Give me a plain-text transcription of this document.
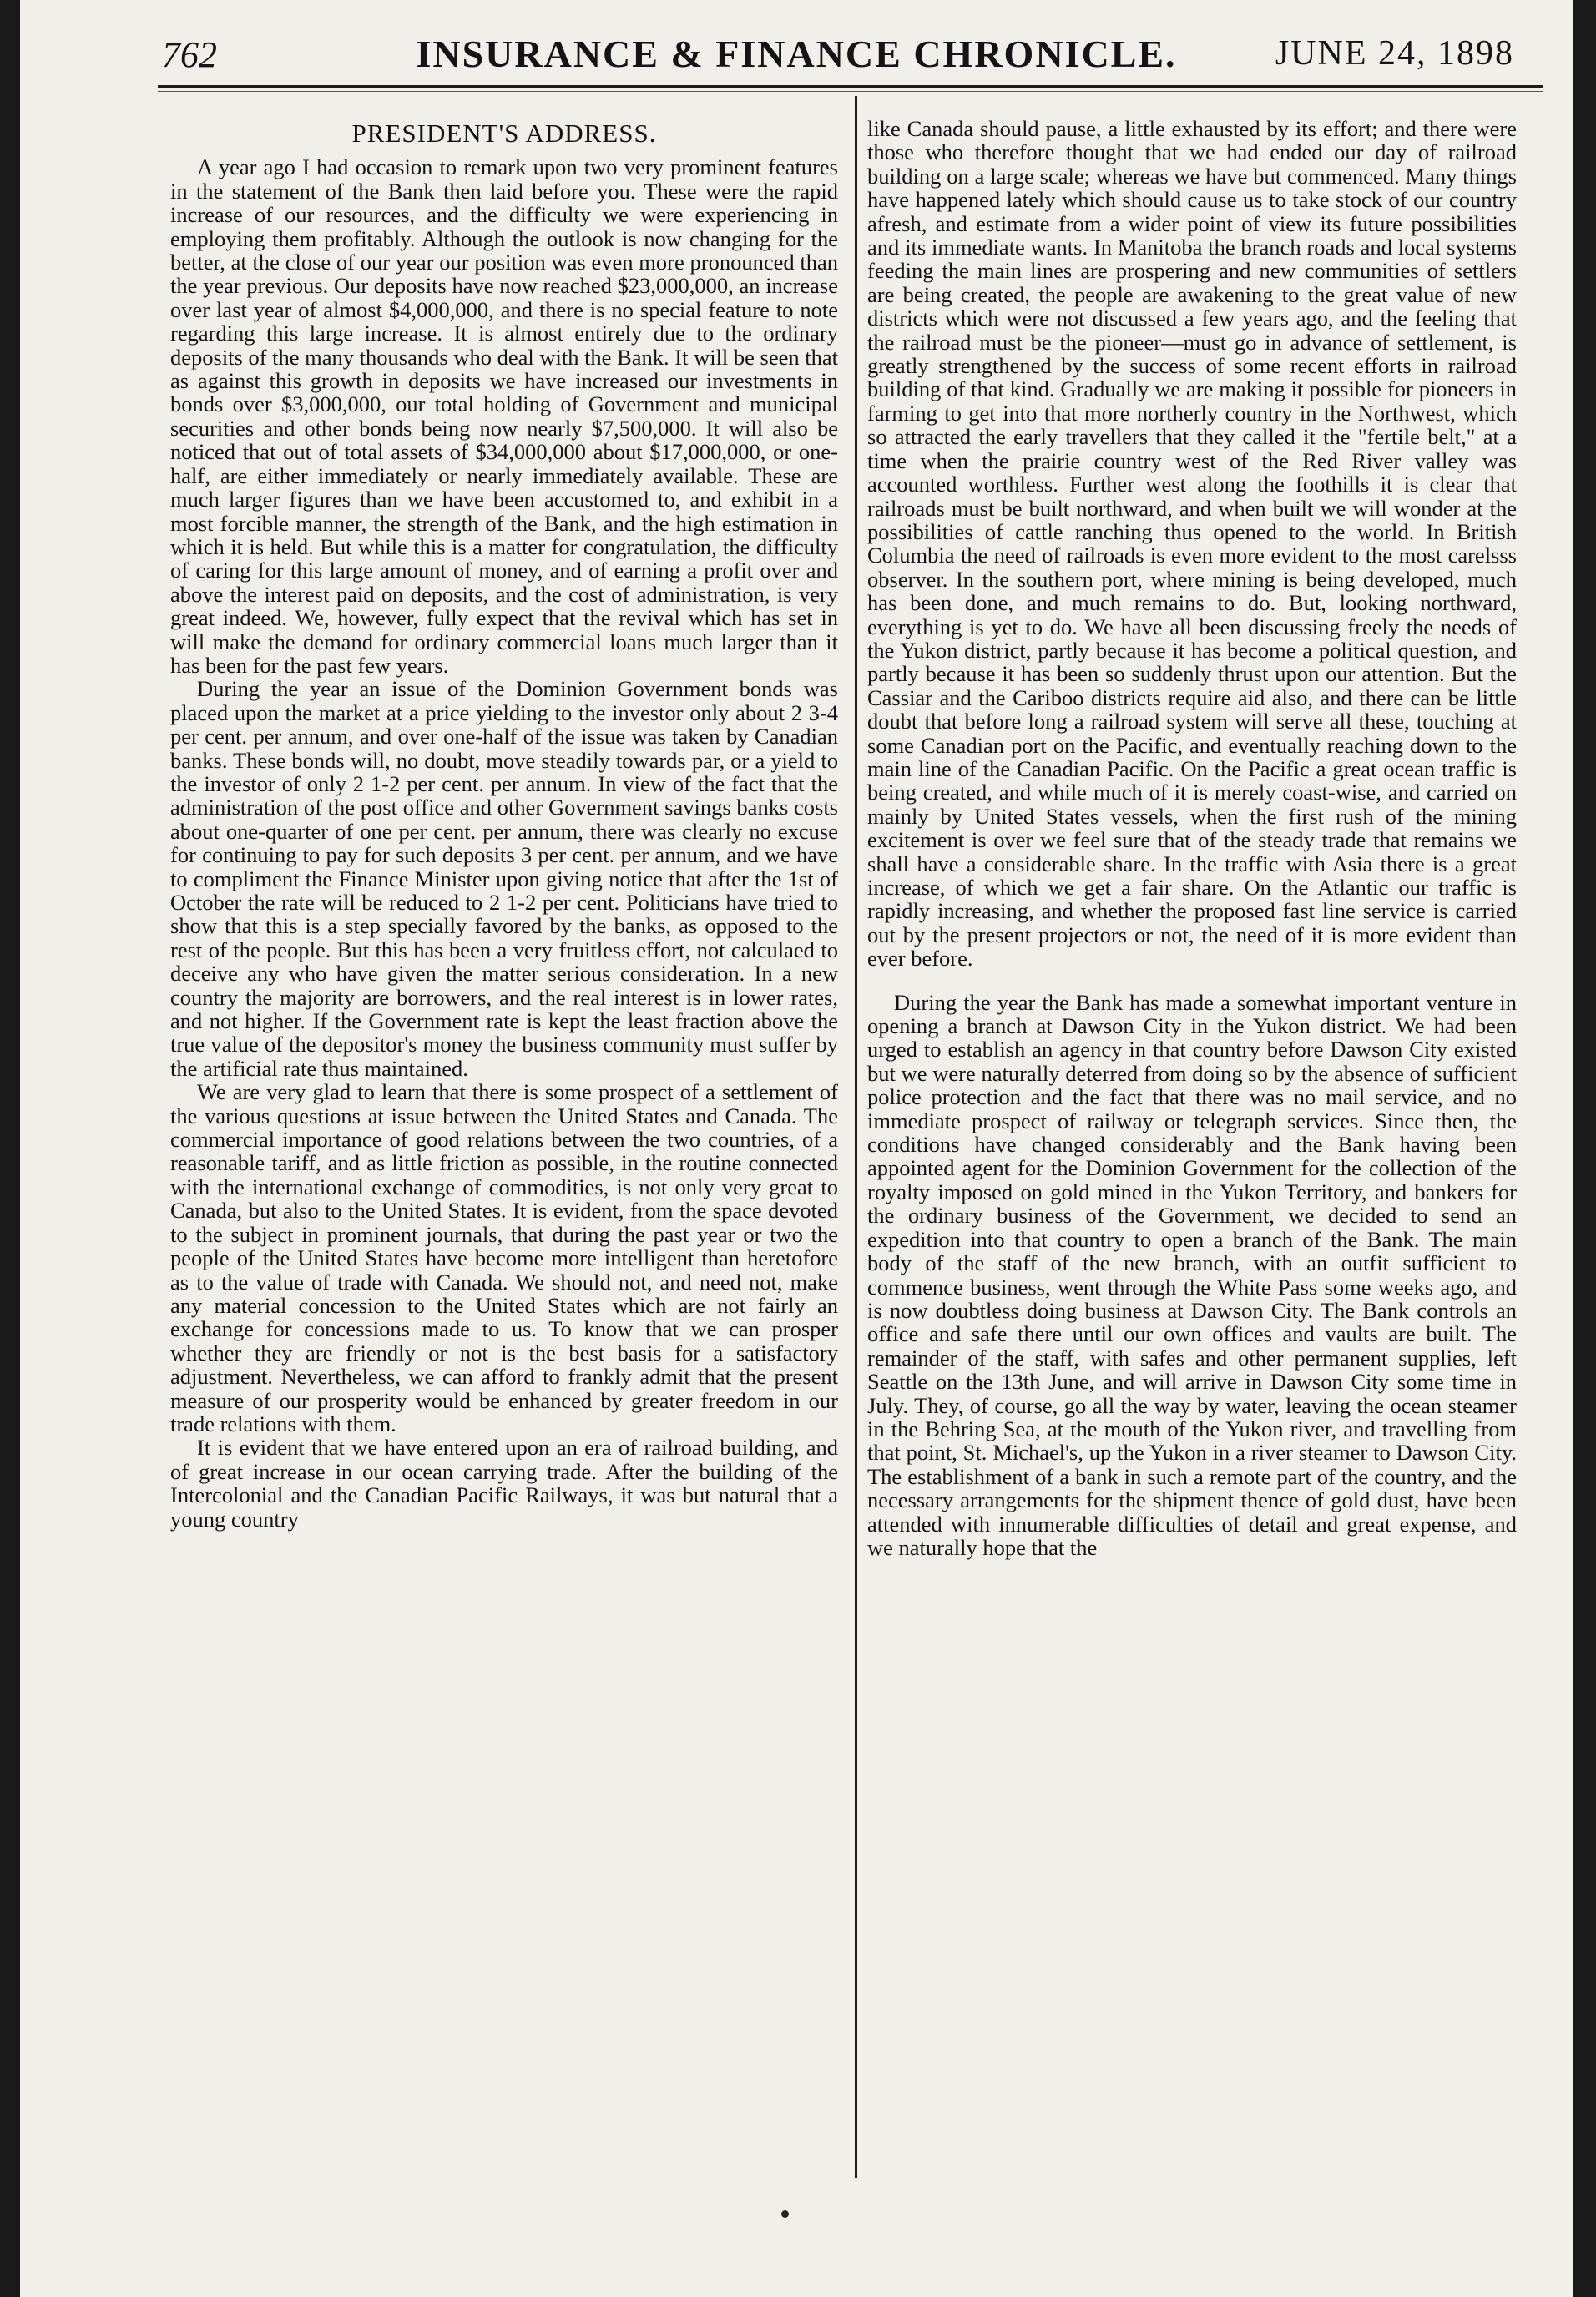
762	INSURANCE & FINANCE CHRONICLE.	JUNE 24, 1898
PRESIDENT'S ADDRESS.

A year ago I had occasion to remark upon two very prominent features in the statement of the Bank then laid before you. These were the rapid increase of our resources, and the difficulty we were experiencing in employing them profitably. Although the outlook is now changing for the better, at the close of our year our position was even more pronounced than the year previous. Our deposits have now reached $23,000,000, an increase over last year of almost $4,000,000, and there is no special feature to note regarding this large increase. It is almost entirely due to the ordinary deposits of the many thousands who deal with the Bank. It will be seen that as against this growth in deposits we have increased our investments in bonds over $3,000,000, our total holding of Government and municipal securities and other bonds being now nearly $7,500,000. It will also be noticed that out of total assets of $34,000,000 about $17,000,000, or one-half, are either immediately or nearly immediately available. These are much larger figures than we have been accustomed to, and exhibit in a most forcible manner, the strength of the Bank, and the high estimation in which it is held. But while this is a matter for congratulation, the difficulty of caring for this large amount of money, and of earning a profit over and above the interest paid on deposits, and the cost of administration, is very great indeed. We, however, fully expect that the revival which has set in will make the demand for ordinary commercial loans much larger than it has been for the past few years.

During the year an issue of the Dominion Government bonds was placed upon the market at a price yielding to the investor only about 2 3-4 per cent. per annum, and over one-half of the issue was taken by Canadian banks. These bonds will, no doubt, move steadily towards par, or a yield to the investor of only 2 1-2 per cent. per annum. In view of the fact that the administration of the post office and other Government savings banks costs about one-quarter of one per cent. per annum, there was clearly no excuse for continuing to pay for such deposits 3 per cent. per annum, and we have to compliment the Finance Minister upon giving notice that after the 1st of October the rate will be reduced to 2 1-2 per cent. Politicians have tried to show that this is a step specially favored by the banks, as opposed to the rest of the people. But this has been a very fruitless effort, not calculaed to deceive any who have given the matter serious consideration. In a new country the majority are borrowers, and the real interest is in lower rates, and not higher. If the Government rate is kept the least fraction above the true value of the depositor's money the business community must suffer by the artificial rate thus maintained.

We are very glad to learn that there is some prospect of a settlement of the various questions at issue between the United States and Canada. The commercial importance of good relations between the two countries, of a reasonable tariff, and as little friction as possible, in the routine connected with the international exchange of commodities, is not only very great to Canada, but also to the United States. It is evident, from the space devoted to the subject in prominent journals, that during the past year or two the people of the United States have become more intelligent than heretofore as to the value of trade with Canada. We should not, and need not, make any material concession to the United States which are not fairly an exchange for concessions made to us. To know that we can prosper whether they are friendly or not is the best basis for a satisfactory adjustment. Nevertheless, we can afford to frankly admit that the present measure of our prosperity would be enhanced by greater freedom in our trade relations with them.

It is evident that we have entered upon an era of railroad building, and of great increase in our ocean carrying trade. After the building of the Intercolonial and the Canadian Pacific Railways, it was but natural that a young country

like Canada should pause, a little exhausted by its effort; and there were those who therefore thought that we had ended our day of railroad building on a large scale; whereas we have but commenced. Many things have happened lately which should cause us to take stock of our country afresh, and estimate from a wider point of view its future possibilities and its immediate wants. In Manitoba the branch roads and local systems feeding the main lines are prospering and new communities of settlers are being created, the people are awakening to the great value of new districts which were not discussed a few years ago, and the feeling that the railroad must be the pioneer—must go in advance of settlement, is greatly strengthened by the success of some recent efforts in railroad building of that kind. Gradually we are making it possible for pioneers in farming to get into that more northerly country in the Northwest, which so attracted the early travellers that they called it the "fertile belt," at a time when the prairie country west of the Red River valley was accounted worthless. Further west along the foothills it is clear that railroads must be built northward, and when built we will wonder at the possibilities of cattle ranching thus opened to the world. In British Columbia the need of railroads is even more evident to the most carelsss observer. In the southern port, where mining is being developed, much has been done, and much remains to do. But, looking northward, everything is yet to do. We have all been discussing freely the needs of the Yukon district, partly because it has become a political question, and partly because it has been so suddenly thrust upon our attention. But the Cassiar and the Cariboo districts require aid also, and there can be little doubt that before long a railroad system will serve all these, touching at some Canadian port on the Pacific, and eventually reaching down to the main line of the Canadian Pacific. On the Pacific a great ocean traffic is being created, and while much of it is merely coast-wise, and carried on mainly by United States vessels, when the first rush of the mining excitement is over we feel sure that of the steady trade that remains we shall have a considerable share. In the traffic with Asia there is a great increase, of which we get a fair share. On the Atlantic our traffic is rapidly increasing, and whether the proposed fast line service is carried out by the present projectors or not, the need of it is more evident than ever before.

During the year the Bank has made a somewhat important venture in opening a branch at Dawson City in the Yukon district. We had been urged to establish an agency in that country before Dawson City existed but we were naturally deterred from doing so by the absence of sufficient police protection and the fact that there was no mail service, and no immediate prospect of railway or telegraph services. Since then, the conditions have changed considerably and the Bank having been appointed agent for the Dominion Government for the collection of the royalty imposed on gold mined in the Yukon Territory, and bankers for the ordinary business of the Government, we decided to send an expedition into that country to open a branch of the Bank. The main body of the staff of the new branch, with an outfit sufficient to commence business, went through the White Pass some weeks ago, and is now doubtless doing business at Dawson City. The Bank controls an office and safe there until our own offices and vaults are built. The remainder of the staff, with safes and other permanent supplies, left Seattle on the 13th June, and will arrive in Dawson City some time in July. They, of course, go all the way by water, leaving the ocean steamer in the Behring Sea, at the mouth of the Yukon river, and travelling from that point, St. Michael's, up the Yukon in a river steamer to Dawson City. The establishment of a bank in such a remote part of the country, and the necessary arrangements for the shipment thence of gold dust, have been attended with innumerable difficulties of detail and great expense, and we naturally hope that the
